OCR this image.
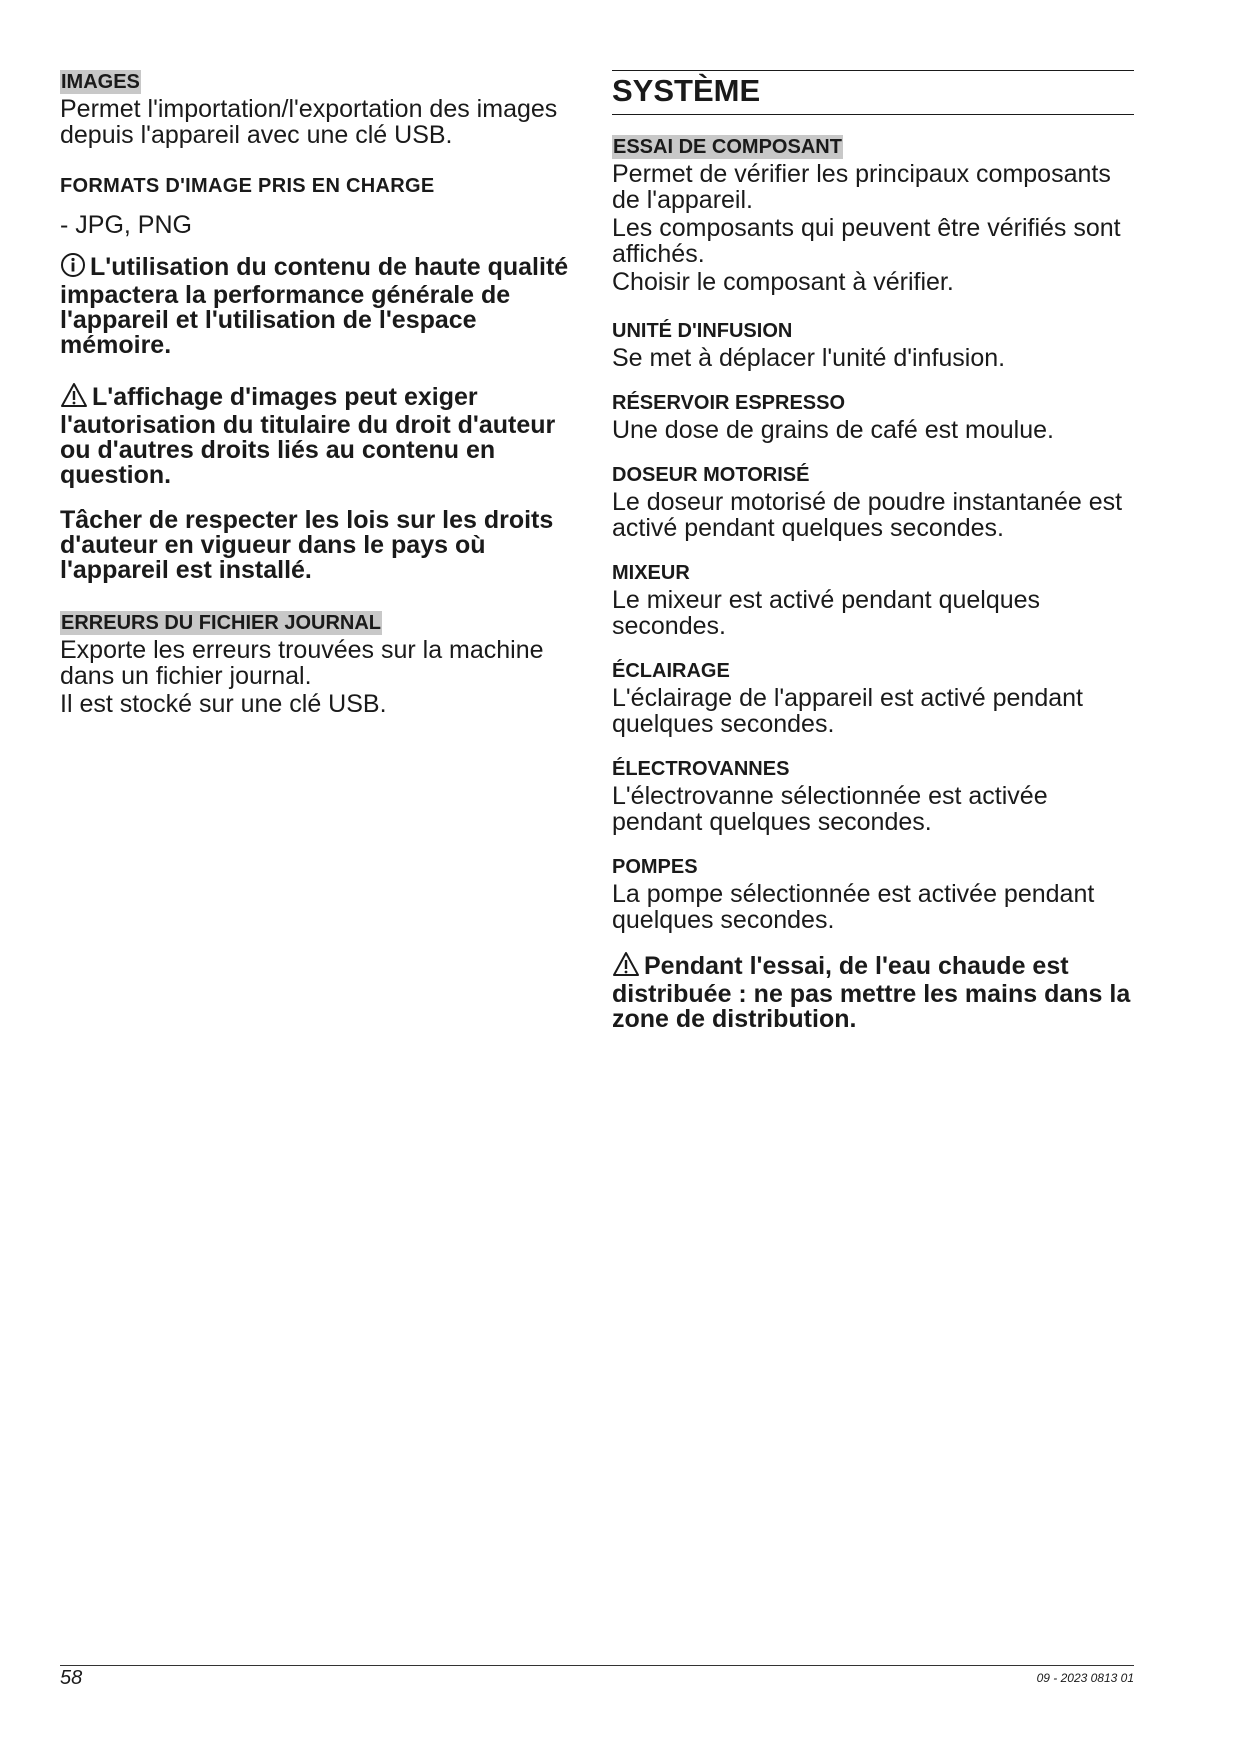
IMAGES

Permet l'importation/l'exportation des images depuis l'appareil avec une clé USB.

FORMATS D'IMAGE PRIS EN CHARGE

- JPG, PNG

L'utilisation du contenu de haute qualité impactera la performance générale de l'appareil et l'utilisation de l'espace mémoire.

L'affichage d'images peut exiger l'autorisation du titulaire du droit d'auteur ou d'autres droits liés au contenu en question.

Tâcher de respecter les lois sur les droits d'auteur en vigueur dans le pays où l'appareil est installé.

ERREURS DU FICHIER JOURNAL

Exporte les erreurs trouvées sur la machine dans un fichier journal.

Il est stocké sur une clé USB.

SYSTÈME
ESSAI DE COMPOSANT

Permet de vérifier les principaux composants de l'appareil.

Les composants qui peuvent être vérifiés sont affichés.

Choisir le composant à vérifier.

UNITÉ D'INFUSION

Se met à déplacer l'unité d'infusion.

RÉSERVOIR ESPRESSO

Une dose de grains de café est moulue.

DOSEUR MOTORISÉ

Le doseur motorisé de poudre instantanée est activé pendant quelques secondes.

MIXEUR

Le mixeur est activé pendant quelques secondes.

ÉCLAIRAGE

L'éclairage de l'appareil est activé pendant quelques secondes.

ÉLECTROVANNES

L'électrovanne sélectionnée est activée pendant quelques secondes.

POMPES

La pompe sélectionnée est activée pendant quelques secondes.

Pendant l'essai, de l'eau chaude est distribuée : ne pas mettre les mains dans la zone de distribution.

58	09 - 2023 0813 01
